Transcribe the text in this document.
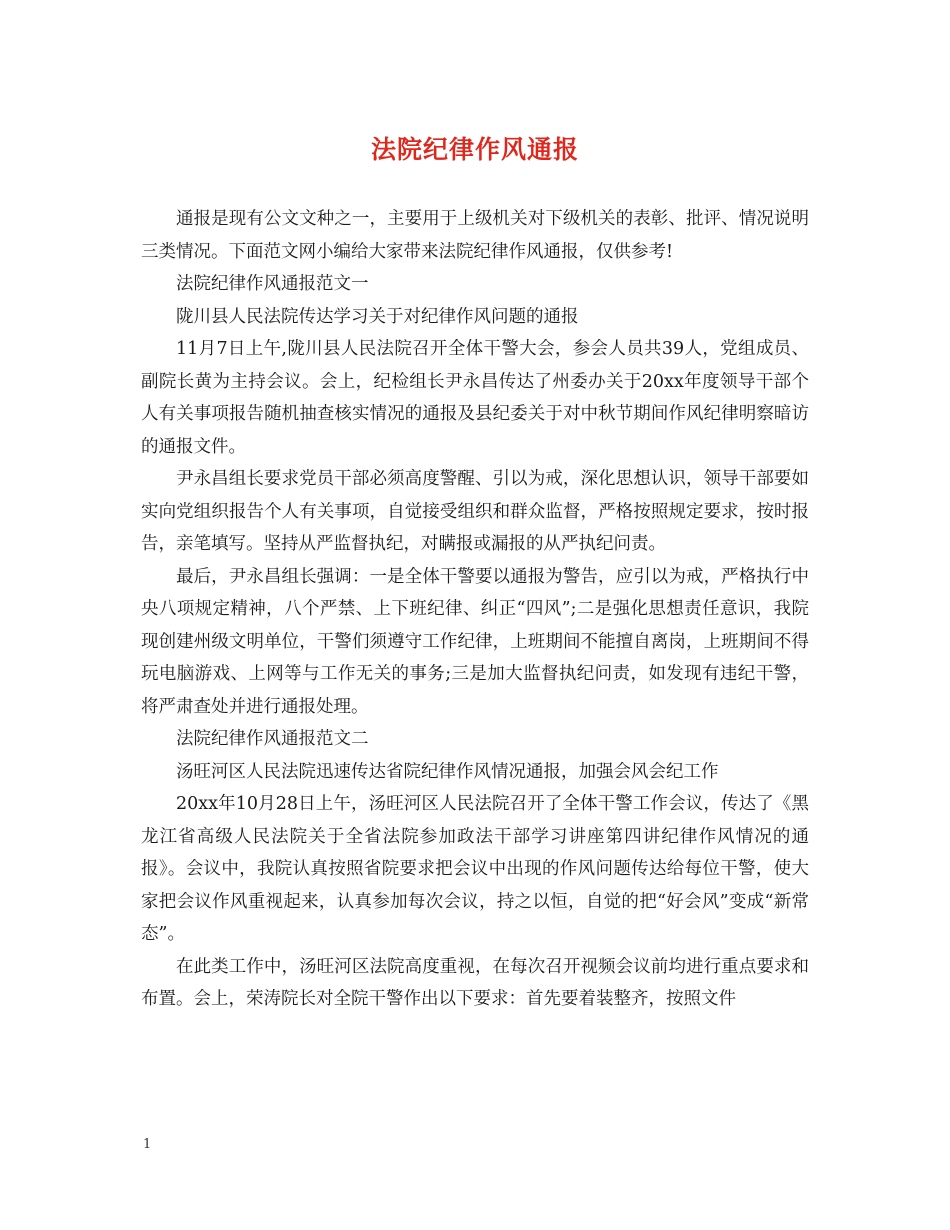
法院纪律作风通报

通报是现有公文文种之一，主要用于上级机关对下级机关的表彰、批评、情况说明三类情况。下面范文网小编给大家带来法院纪律作风通报，仅供参考!

法院纪律作风通报范文一

陇川县人民法院传达学习关于对纪律作风问题的通报

11月7日上午,陇川县人民法院召开全体干警大会，参会人员共39人，党组成员、副院长黄为主持会议。会上，纪检组长尹永昌传达了州委办关于20xx年度领导干部个人有关事项报告随机抽查核实情况的通报及县纪委关于对中秋节期间作风纪律明察暗访的通报文件。

尹永昌组长要求党员干部必须高度警醒、引以为戒，深化思想认识，领导干部要如实向党组织报告个人有关事项，自觉接受组织和群众监督，严格按照规定要求，按时报告，亲笔填写。坚持从严监督执纪，对瞒报或漏报的从严执纪问责。

最后，尹永昌组长强调：一是全体干警要以通报为警告，应引以为戒，严格执行中央八项规定精神，八个严禁、上下班纪律、纠正“四风”;二是强化思想责任意识，我院现创建州级文明单位，干警们须遵守工作纪律，上班期间不能擅自离岗，上班期间不得玩电脑游戏、上网等与工作无关的事务;三是加大监督执纪问责，如发现有违纪干警，将严肃查处并进行通报处理。

法院纪律作风通报范文二

汤旺河区人民法院迅速传达省院纪律作风情况通报，加强会风会纪工作

20xx年10月28日上午，汤旺河区人民法院召开了全体干警工作会议，传达了《黑龙江省高级人民法院关于全省法院参加政法干部学习讲座第四讲纪律作风情况的通报》。会议中，我院认真按照省院要求把会议中出现的作风问题传达给每位干警，使大家把会议作风重视起来，认真参加每次会议，持之以恒，自觉的把“好会风”变成“新常态”。

在此类工作中，汤旺河区法院高度重视，在每次召开视频会议前均进行重点要求和布置。会上，荣涛院长对全院干警作出以下要求：首先要着装整齐，按照文件

1
